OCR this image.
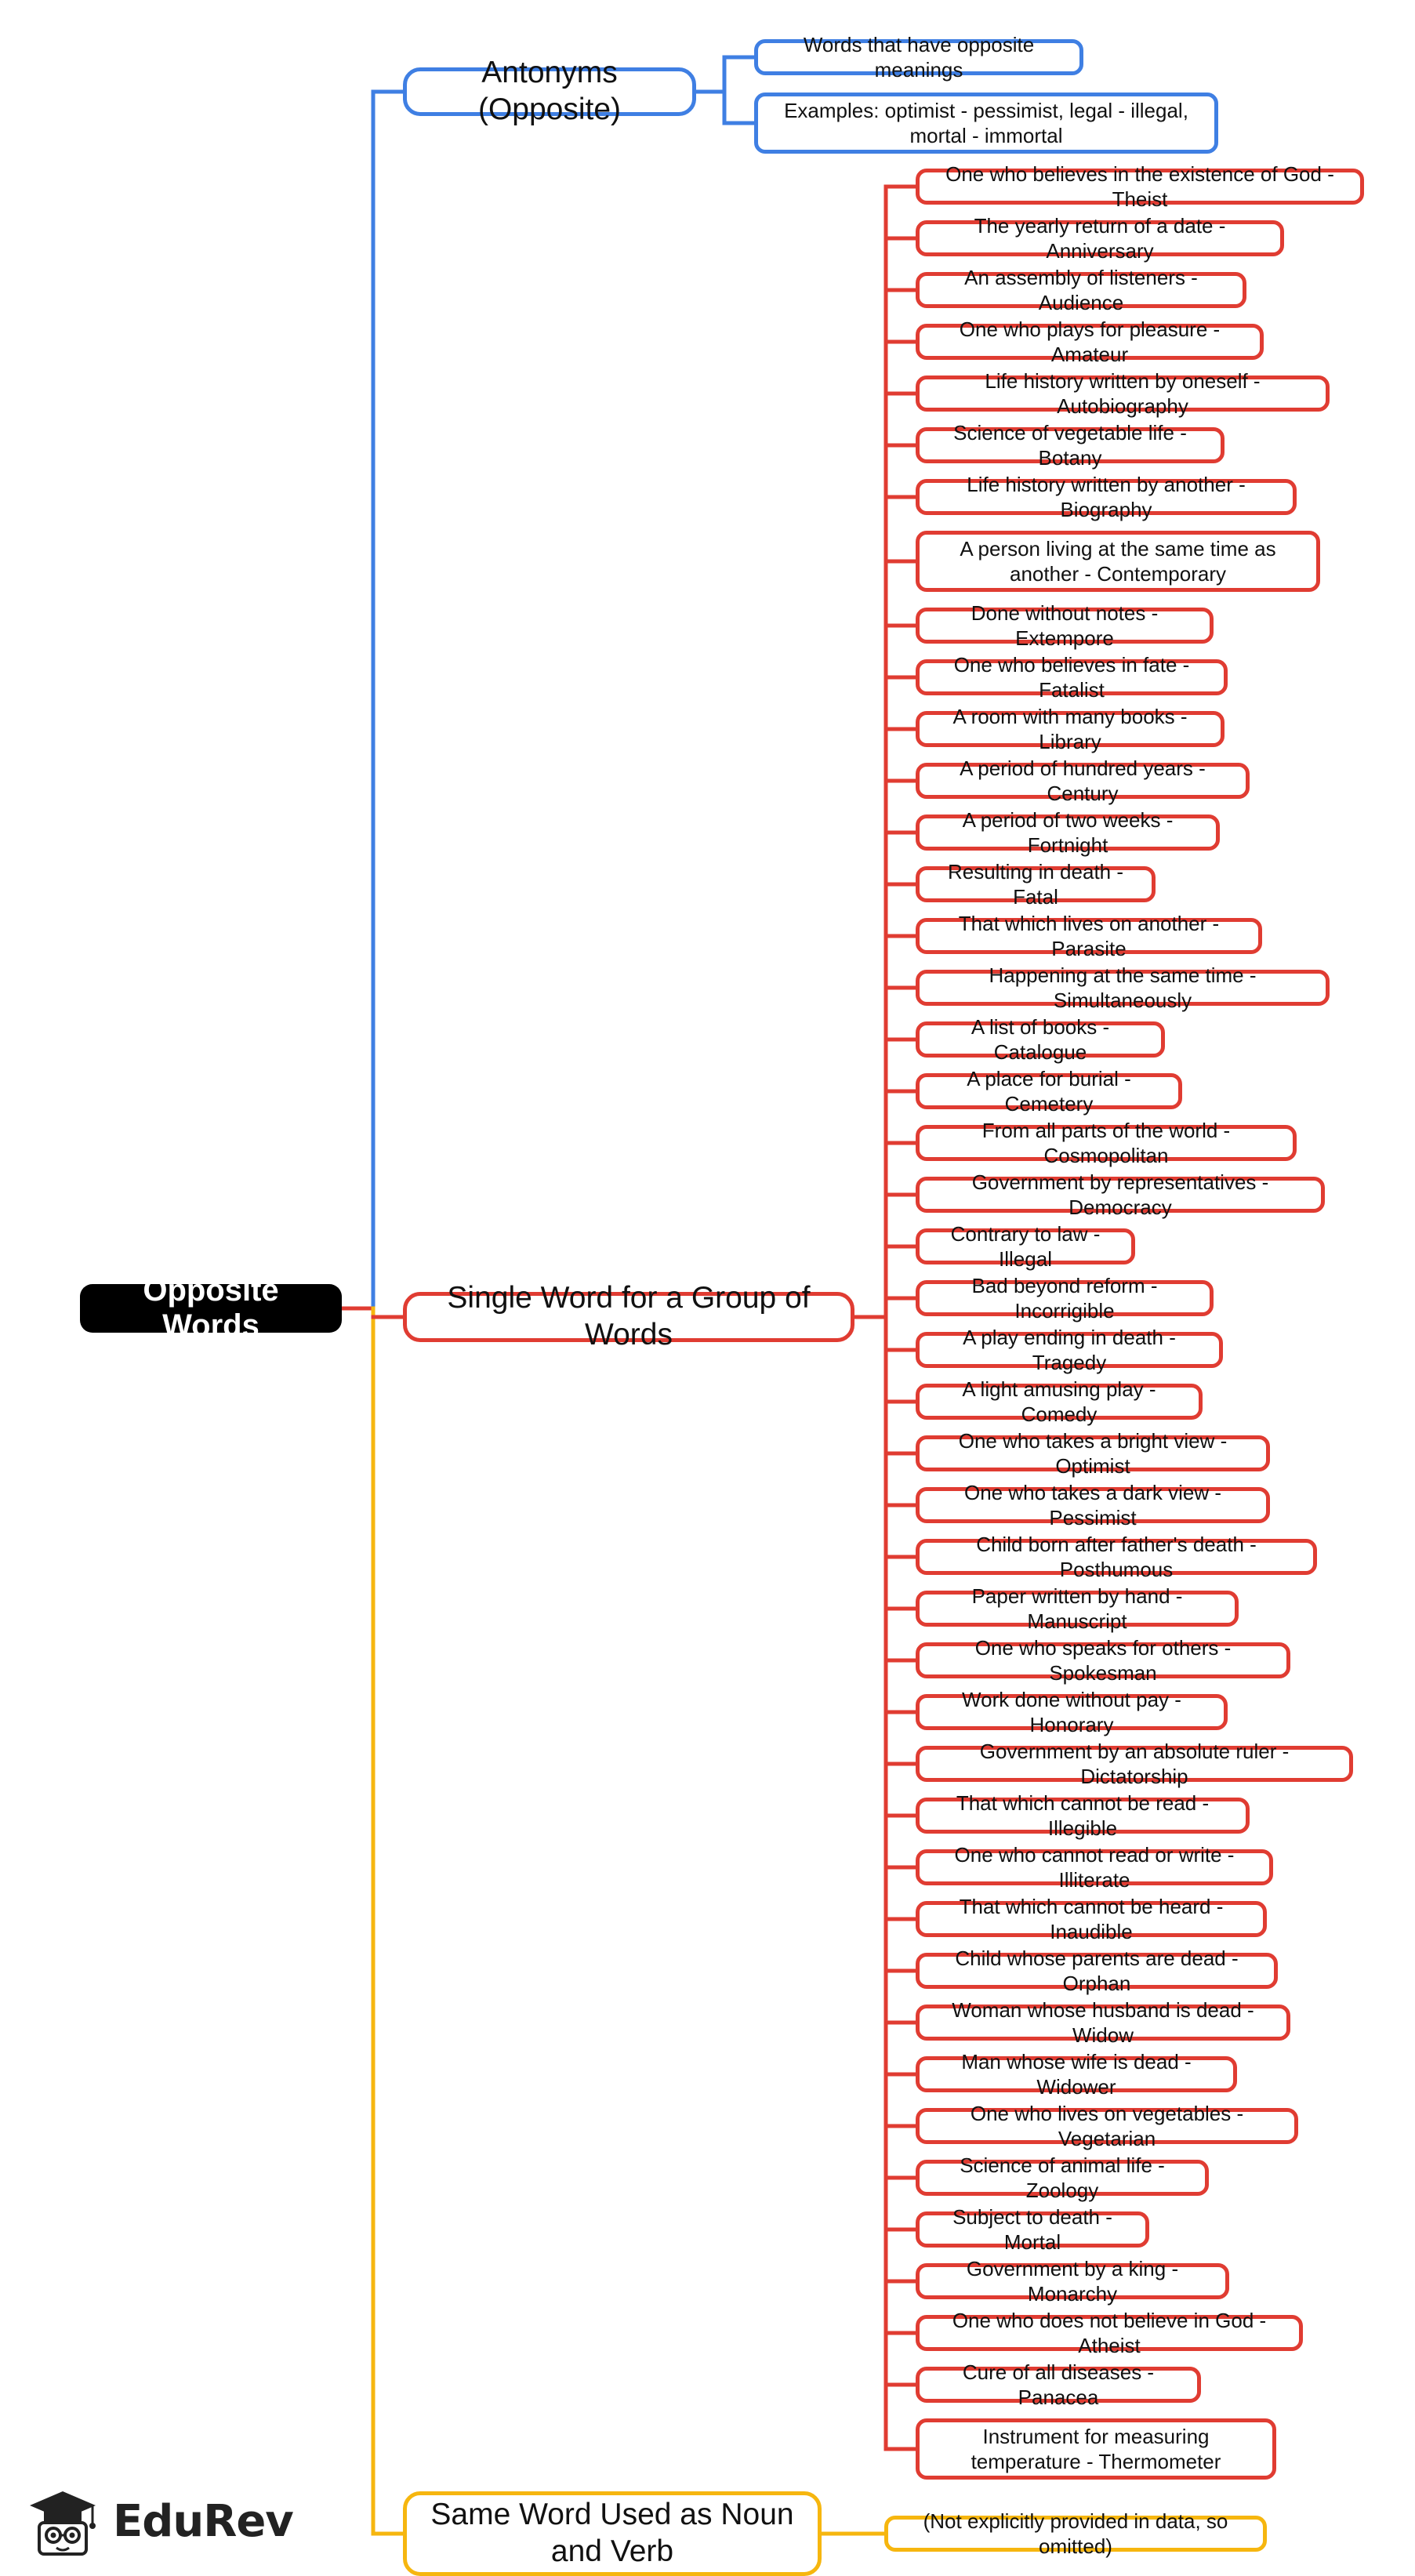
Opposite Words
Antonyms (Opposite)
Single Word for a Group of Words
Same Word Used as Noun and Verb
Words that have opposite meanings
Examples: optimist - pessimist, legal - illegal, mortal - immortal
One who believes in the existence of God - Theist
The yearly return of a date - Anniversary
An assembly of listeners - Audience
One who plays for pleasure - Amateur
Life history written by oneself - Autobiography
Science of vegetable life - Botany
Life history written by another - Biography
A person living at the same time as another - Contemporary
Done without notes - Extempore
One who believes in fate - Fatalist
A room with many books - Library
A period of hundred years - Century
A period of two weeks - Fortnight
Resulting in death - Fatal
That which lives on another - Parasite
Happening at the same time - Simultaneously
A list of books - Catalogue
A place for burial - Cemetery
From all parts of the world - Cosmopolitan
Government by representatives - Democracy
Contrary to law - Illegal
Bad beyond reform - Incorrigible
A play ending in death - Tragedy
A light amusing play - Comedy
One who takes a bright view - Optimist
One who takes a dark view - Pessimist
Child born after father's death - Posthumous
Paper written by hand - Manuscript
One who speaks for others - Spokesman
Work done without pay - Honorary
Government by an absolute ruler - Dictatorship
That which cannot be read - Illegible
One who cannot read or write - Illiterate
That which cannot be heard - Inaudible
Child whose parents are dead - Orphan
Woman whose husband is dead - Widow
Man whose wife is dead - Widower
One who lives on vegetables - Vegetarian
Science of animal life - Zoology
Subject to death - Mortal
Government by a king - Monarchy
One who does not believe in God - Atheist
Cure of all diseases - Panacea
Instrument for measuring temperature - Thermometer
(Not explicitly provided in data, so omitted)
EduRev
